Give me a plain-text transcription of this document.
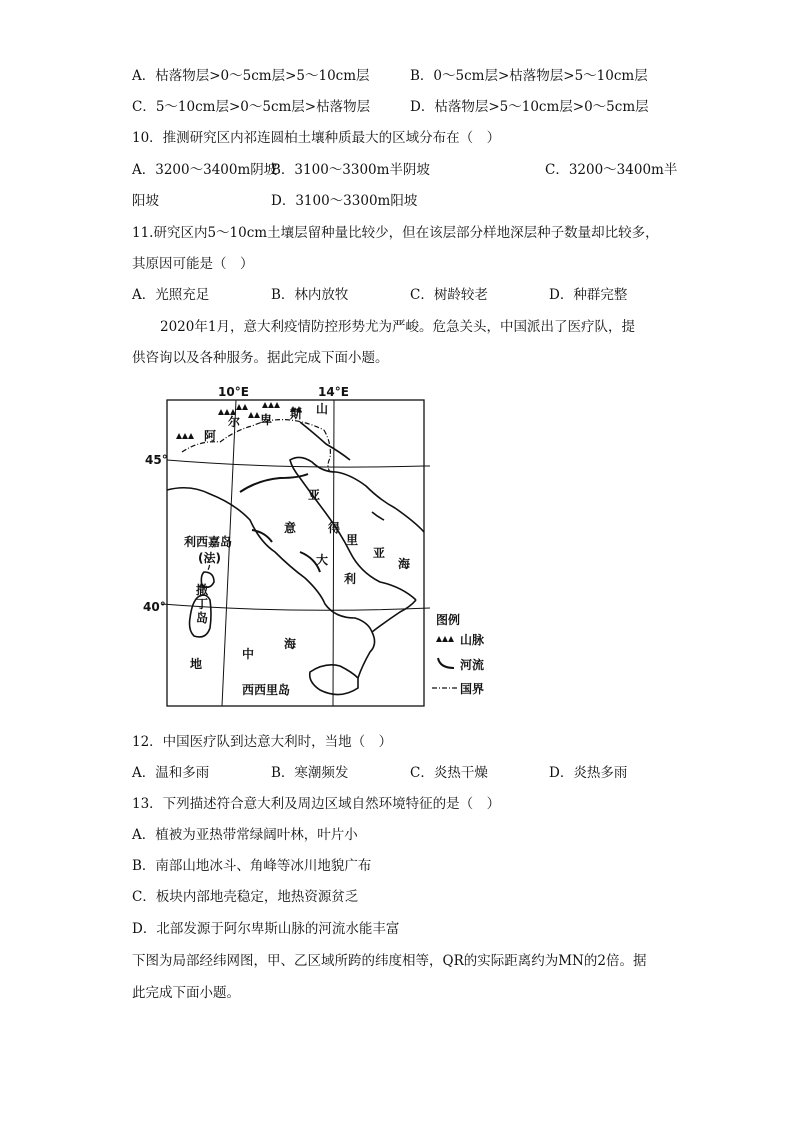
A．枯落物层>0～5cm层>5～10cm层	B．0～5cm层>枯落物层>5～10cm层
C．5～10cm层>0～5cm层>枯落物层	D．枯落物层>5～10cm层>0～5cm层
10．推测研究区内祁连圆柏土壤种质最大的区域分布在（　）
A．3200～3400m阴坡
B．3100～3300m半阴坡	C．3200～3400m半
阳坡	D．3100～3300m阳坡
11.研究区内5～10cm土壤层留种量比较少，但在该层部分样地深层种子数量却比较多，
其原因可能是（　）
A．光照充足	B．林内放牧	C．树龄较老	D．种群完整
2020年1月，意大利疫情防控形势尤为严峻。危急关头，中国派出了医疗队，提
供咨询以及各种服务。据此完成下面小题。
10°E	14°E
45°
40°
阿
尔 卑 斯 山
亚
得
里
亚
海
意
大
利
利西嘉岛
(法)
撒
丁
岛
地
中
海
西西里岛
图例
山脉
河流
国界
12．中国医疗队到达意大利时，当地（　）
A．温和多雨	B．寒潮频发	C．炎热干燥	D．炎热多雨
13．下列描述符合意大利及周边区域自然环境特征的是（　）
A．植被为亚热带常绿阔叶林，叶片小
B．南部山地冰斗、角峰等冰川地貌广布
C．板块内部地壳稳定，地热资源贫乏
D．北部发源于阿尔卑斯山脉的河流水能丰富
下图为局部经纬网图，甲、乙区域所跨的纬度相等，QR的实际距离约为MN的2倍。据
此完成下面小题。
